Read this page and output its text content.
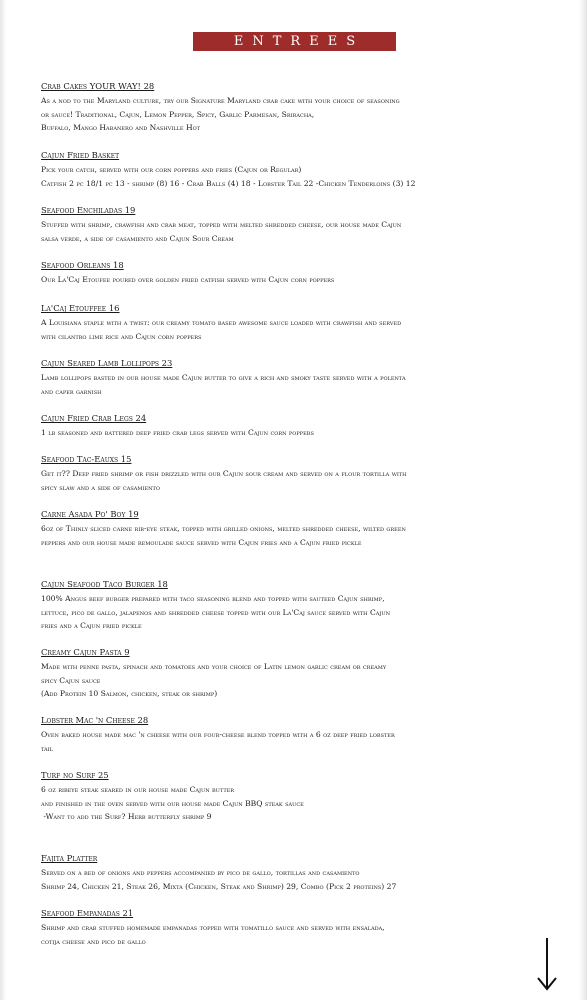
ENTREES
Crab Cakes YOUR WAY! 28
As a nod to the Maryland culture, try our Signature Maryland crab cake with your choice of seasoning
or sauce! Traditional, Cajun, Lemon Pepper, Spicy, Garlic Parmesan, Sriracha,
Buffalo, Mango Habanero and Nashville Hot
Cajun Fried Basket
Pick your catch, served with our corn poppers and fries (Cajun or Regular)
Catfish 2 pc 18/1 pc 13 - shrimp (8) 16 - Crab Balls (4) 18 - Lobster Tail 22 -Chicken Tenderloins (3) 12
Seafood Enchiladas 19
Stuffed with shrimp, crawfish and crab meat, topped with melted shredded cheese, our house made Cajun
salsa verde, a side of casamiento and Cajun Sour Cream
Seafood Orleans 18
Our La'Caj Etoufee poured over golden fried catfish served with Cajun corn poppers
La'Caj Etouffee 16
A Louisiana staple with a twist: our creamy tomato based awesome sauce loaded with crawfish and served
with cilantro lime rice and Cajun corn poppers
Cajun Seared Lamb Lollipops 23
Lamb lollipops basted in our house made Cajun butter to give a rich and smoky taste served with a polenta
and caper garnish
Cajun Fried Crab Legs 24
1 lb seasoned and battered deep fried crab legs served with Cajun corn poppers
Seafood Tac-Eauxs 15
Get it?? Deep fried shrimp or fish drizzled with our Cajun sour cream and served on a flour tortilla with
spicy slaw and a side of casamiento
Carne Asada Po' Boy 19
6oz of Thinly sliced carne rib-eye steak, topped with grilled onions, melted shredded cheese, wilted green
peppers and our house made remoulade sauce served with Cajun fries and a Cajun fried pickle
Cajun Seafood Taco Burger 18
100% Angus beef burger prepared with taco seasoning blend and topped with sauteed Cajun shrimp,
lettuce, pico de gallo, jalapenos and shredded cheese topped with our La'Caj sauce served with Cajun
fries and a Cajun fried pickle
Creamy Cajun Pasta 9
Made with penne pasta, spinach and tomatoes and your choice of Latin lemon garlic cream or creamy
spicy Cajun sauce
(Add Protein 10 Salmon, chicken, steak or shrimp)
Lobster Mac 'n Cheese 28
Oven baked house made mac 'n cheese with our four-cheese blend topped with a 6 oz deep fried lobster
tail
Turf no Surf 25
6 oz ribeye steak seared in our house made Cajun butter
and finished in the oven served with our house made Cajun BBQ steak sauce
-Want to add the Surf? Herb butterfly shrimp 9
Fajita Platter
Served on a bed of onions and peppers accompanied by pico de gallo, tortillas and casamiento
Shrimp 24, Chicken 21, Steak 26, Mixta (Chicken, Steak and Shrimp) 29, Combo (Pick 2 proteins) 27
Seafood Empanadas 21
Shrimp and crab stuffed homemade empanadas topped with tomatillo sauce and served with ensalada,
cotija cheese and pico de gallo
